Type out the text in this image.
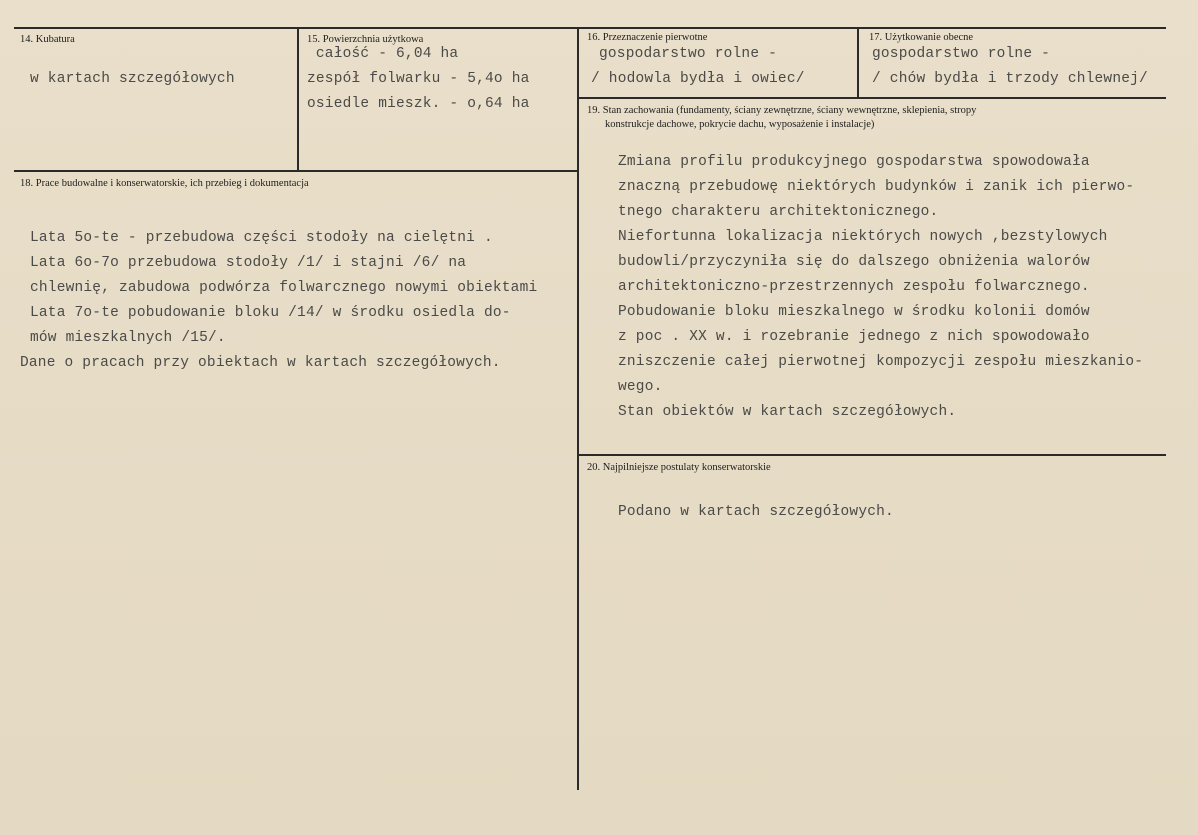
14. Kubatura
w kartach szczegółowych
15. Powierzchnia użytkowa
całość - 6,04 ha
zespół folwarku - 5,4o ha
osiedle mieszk. - o,64 ha
16. Przeznaczenie pierwotne
gospodarstwo rolne -
/ hodowla bydła i owiec/
17. Użytkowanie obecne
gospodarstwo rolne -
/ chów bydła i trzody chlewnej/
18. Prace budowalne i konserwatorskie, ich przebieg i dokumentacja
Lata 5o-te - przebudowa części stodoły na cielętni .
Lata 6o-7o przebudowa stodoły /1/ i stajni /6/ na
chlewnię, zabudowa podwórza folwarcznego nowymi obiektami
Lata 7o-te pobudowanie bloku /14/ w środku osiedla do-
mów mieszkalnych /15/.
Dane o pracach przy obiektach w kartach szczegółowych.
19. Stan zachowania (fundamenty, ściany zewnętrzne, ściany wewnętrzne, sklepienia, stropy
konstrukcje dachowe, pokrycie dachu, wyposażenie i instalacje)
Zmiana profilu produkcyjnego gospodarstwa spowodowała
znaczną przebudowę niektórych budynków i zanik ich pierwo-
tnego charakteru architektonicznego.
Niefortunna lokalizacja niektórych nowych ,bezstylowych
budowli/przyczyniła się do dalszego obniżenia walorów
architektoniczno-przestrzennych zespołu folwarcznego.
Pobudowanie bloku mieszkalnego w środku kolonii domów
z poc . XX w. i rozebranie jednego z nich spowodowało
zniszczenie całej pierwotnej kompozycji zespołu mieszkanio-
wego.
Stan obiektów w kartach szczegółowych.
20. Najpilniejsze postulaty konserwatorskie
Podano w kartach szczegółowych.
